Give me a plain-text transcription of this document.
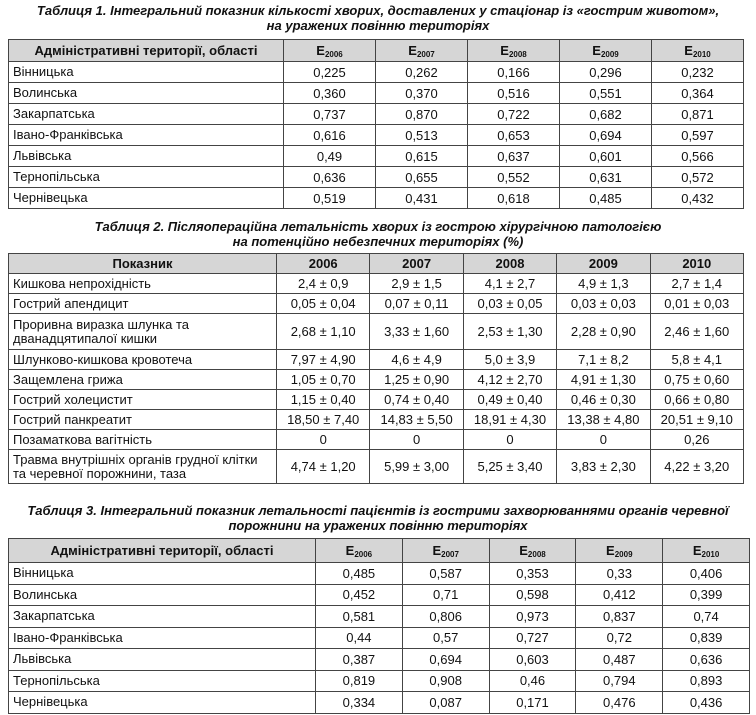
Таблиця 1. Інтегральний показник кількості хворих, доставлених у стаціонар із «гострим животом»,
на уражених повінню територіях
Адміністративні території, області	$E_{2006}$	$E_{2007}$	$E_{2008}$	$E_{2009}$	$E_{2010}$
Вінницька	0,225	0,262	0,166	0,296	0,232
Волинська	0,360	0,370	0,516	0,551	0,364
Закарпатська	0,737	0,870	0,722	0,682	0,871
Івано-Франківська	0,616	0,513	0,653	0,694	0,597
Львівська	0,49	0,615	0,637	0,601	0,566
Тернопільська	0,636	0,655	0,552	0,631	0,572
Чернівецька	0,519	0,431	0,618	0,485	0,432
Таблиця 2. Післяопераційна летальність хворих із гострою хірургічною патологією
на потенційно небезпечних територіях (%)
Показник	2006	2007	2008	2009	2010
Кишкова непрохідність	2,4 ± 0,9	2,9 ± 1,5	4,1 ± 2,7	4,9 ± 1,3	2,7 ± 1,4
Гострий апендицит	0,05 ± 0,04	0,07 ± 0,11	0,03 ± 0,05	0,03 ± 0,03	0,01 ± 0,03
Проривна виразка шлунка та дванадцятипалої кишки	2,68 ± 1,10	3,33 ± 1,60	2,53 ± 1,30	2,28 ± 0,90	2,46 ± 1,60
Шлунково-кишкова кровотеча	7,97 ± 4,90	4,6 ± 4,9	5,0 ± 3,9	7,1 ± 8,2	5,8 ± 4,1
Защемлена грижа	1,05 ± 0,70	1,25 ± 0,90	4,12 ± 2,70	4,91 ± 1,30	0,75 ± 0,60
Гострий холецистит	1,15 ± 0,40	0,74 ± 0,40	0,49 ± 0,40	0,46 ± 0,30	0,66 ± 0,80
Гострий панкреатит	18,50 ± 7,40	14,83 ± 5,50	18,91 ± 4,30	13,38 ± 4,80	20,51 ± 9,10
Позаматкова вагітність	0	0	0	0	0,26
Травма внутрішніх органів грудної клітки та черевної порожнини, таза	4,74 ± 1,20	5,99 ± 3,00	5,25 ± 3,40	3,83 ± 2,30	4,22 ± 3,20
Таблиця 3. Інтегральний показник летальності пацієнтів із гострими захворюваннями органів черевної
порожнини на уражених повінню територіях
Адміністративні території, області	$E_{2006}$	$E_{2007}$	$E_{2008}$	$E_{2009}$	$E_{2010}$
Вінницька	0,485	0,587	0,353	0,33	0,406
Волинська	0,452	0,71	0,598	0,412	0,399
Закарпатська	0,581	0,806	0,973	0,837	0,74
Івано-Франківська	0,44	0,57	0,727	0,72	0,839
Львівська	0,387	0,694	0,603	0,487	0,636
Тернопільська	0,819	0,908	0,46	0,794	0,893
Чернівецька	0,334	0,087	0,171	0,476	0,436
